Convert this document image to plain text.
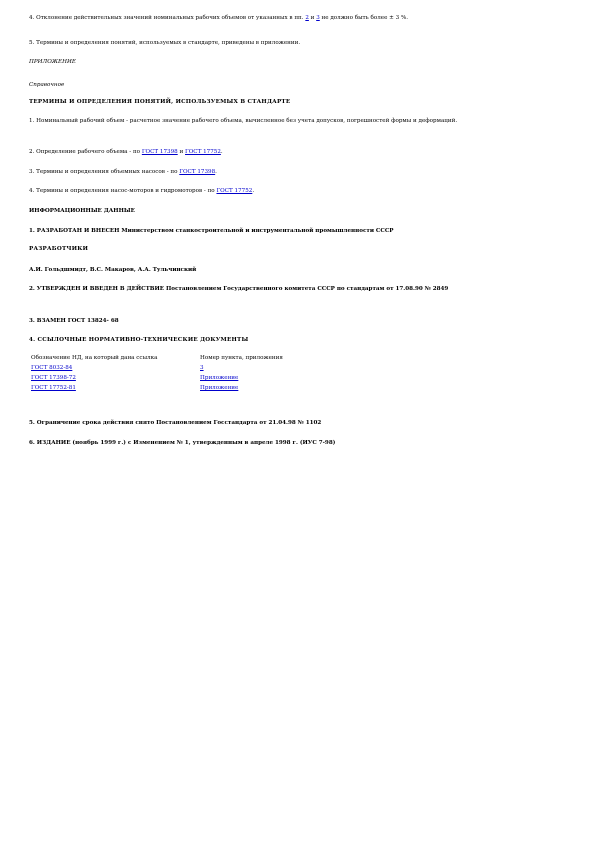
4. Отклонение действительных значений номинальных рабочих объемов от указанных в пп. 2 и 3 не должно быть более ± 3 %.

5. Термины и определения понятий, используемых в стандарте, приведены в приложении.

ПРИЛОЖЕНИЕ

Справочное

ТЕРМИНЫ И ОПРЕДЕЛЕНИЯ ПОНЯТИЙ, ИСПОЛЬЗУЕМЫХ В СТАНДАРТЕ

1. Номинальный рабочий объем - расчетное значение рабочего объема, вычисленное без учета допусков, погрешностей формы и деформаций.

2. Определение рабочего объема - по ГОСТ 17398 и ГОСТ 17752.

3. Термины и определения объемных насосов - по ГОСТ 17398.

4. Термины и определения насос-моторов и гидромоторов - по ГОСТ 17752.

ИНФОРМАЦИОННЫЕ ДАННЫЕ

1. РАЗРАБОТАН И ВНЕСЕН Министерством станкостроительной и инструментальной промышленности СССР

РАЗРАБОТЧИКИ

А.И. Гольдшмидт, В.С. Макаров, А.А. Тульчинский

2. УТВЕРЖДЕН И ВВЕДЕН В ДЕЙСТВИЕ Постановлением Государственного комитета СССР по стандартам от 17.08.90 № 2849

3. ВЗАМЕН ГОСТ 13824- 68

4. ССЫЛОЧНЫЕ НОРМАТИВНО-ТЕХНИЧЕСКИЕ ДОКУМЕНТЫ

Обозначение НД, на который дана ссылка	Номер пункта, приложения
ГОСТ 8032-84	3
ГОСТ 17398-72	Приложение
ГОСТ 17752-81	Приложение

5. Ограничение срока действия снято Постановлением Госстандарта от 21.04.98 № 1102

6. ИЗДАНИЕ (ноябрь 1999 г.) с Изменением № 1, утвержденным в апреле 1998 г. (ИУС 7-98)
